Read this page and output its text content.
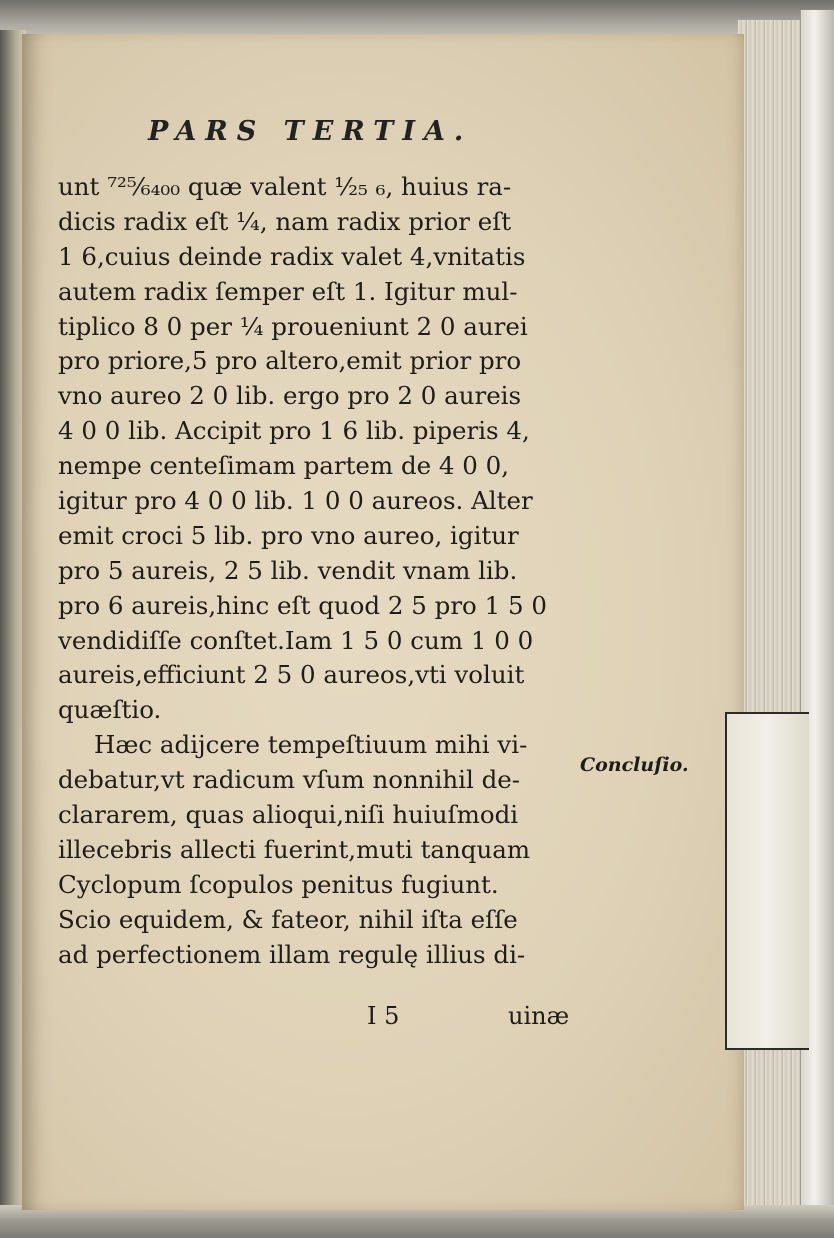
PARS TERTIA.
unt ⁷²⁵⁄₆₄₀₀ quæ valent ¹⁄₂₅ ₆, huius ra-
dicis radix eſt ¼, nam radix prior eſt
1 6,cuius deinde radix valet 4,vnitatis
autem radix ſemper eſt 1. Igitur mul-
tiplico 8 0 per ¼ proueniunt 2 0 aurei
pro priore,5 pro altero,emit prior pro
vno aureo 2 0 lib. ergo pro 2 0 aureis
4 0 0 lib. Accipit pro 1 6 lib. piperis 4,
nempe centeſimam partem de 4 0 0,
igitur pro 4 0 0 lib. 1 0 0 aureos. Alter
emit croci 5 lib. pro vno aureo, igitur
pro 5 aureis, 2 5 lib. vendit vnam lib.
pro 6 aureis,hinc eſt quod 2 5 pro 1 5 0
vendidiſſe conſtet.Iam 1 5 0 cum 1 0 0
aureis,efficiunt 2 5 0 aureos,vti voluit
quæſtio.
Hæc adijcere tempeſtiuum mihi vi-
debatur,vt radicum vſum nonnihil de-
clararem, quas alioqui,niſi huiuſmodi
illecebris allecti fuerint,muti tanquam
Cyclopum ſcopulos penitus fugiunt.
Scio equidem, & fateor, nihil iſta eſſe
ad perfectionem illam regulę illius di-
Concluſio.
I 5	uinæ
